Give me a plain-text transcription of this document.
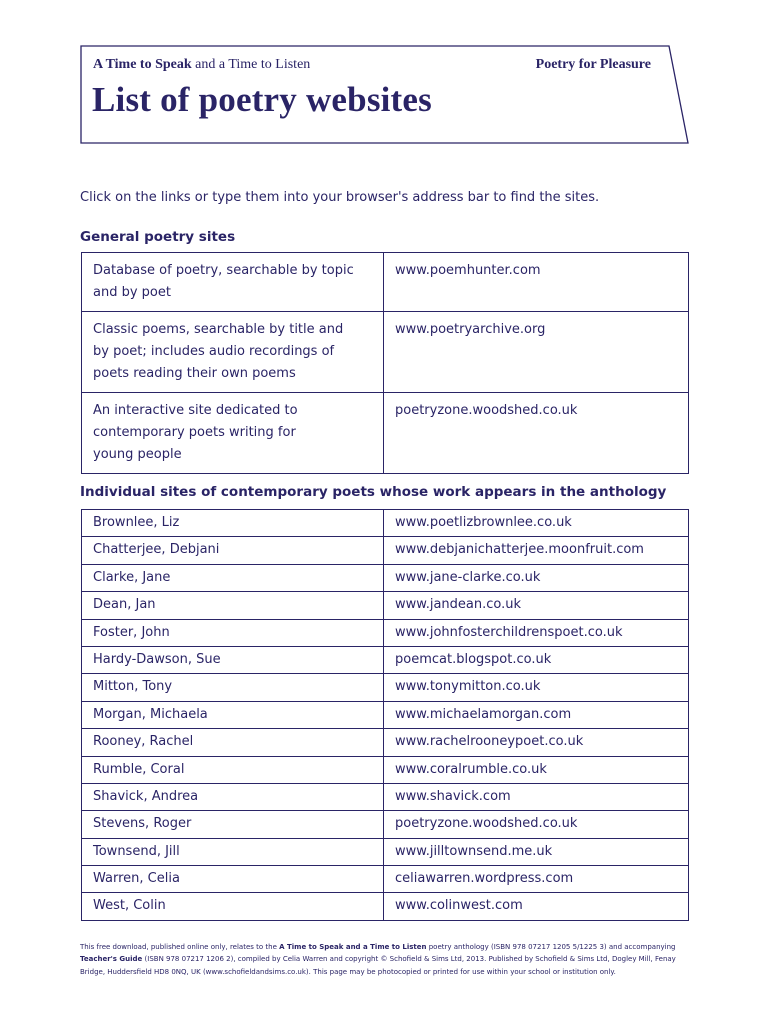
A Time to Speak and a Time to Listen	Poetry for Pleasure
List of poetry websites
Click on the links or type them into your browser's address bar to find the sites.
General poetry sites
Database of poetry, searchable by topic
and by poet	www.poemhunter.com
Classic poems, searchable by title and
by poet; includes audio recordings of
poets reading their own poems	www.poetryarchive.org
An interactive site dedicated to
contemporary poets writing for
young people	poetryzone.woodshed.co.uk
Individual sites of contemporary poets whose work appears in the anthology
Brownlee, Liz	www.poetlizbrownlee.co.uk
Chatterjee, Debjani	www.debjanichatterjee.moonfruit.com
Clarke, Jane	www.jane-clarke.co.uk
Dean, Jan	www.jandean.co.uk
Foster, John	www.johnfosterchildrenspoet.co.uk
Hardy-Dawson, Sue	poemcat.blogspot.co.uk
Mitton, Tony	www.tonymitton.co.uk
Morgan, Michaela	www.michaelamorgan.com
Rooney, Rachel	www.rachelrooneypoet.co.uk
Rumble, Coral	www.coralrumble.co.uk
Shavick, Andrea	www.shavick.com
Stevens, Roger	poetryzone.woodshed.co.uk
Townsend, Jill	www.jilltownsend.me.uk
Warren, Celia	celiawarren.wordpress.com
West, Colin	www.colinwest.com
This free download, published online only, relates to the A Time to Speak and a Time to Listen poetry anthology (ISBN 978 07217 1205 5/1225 3) and accompanying
Teacher's Guide (ISBN 978 07217 1206 2), compiled by Celia Warren and copyright © Schofield & Sims Ltd, 2013. Published by Schofield & Sims Ltd, Dogley Mill, Fenay
Bridge, Huddersfield HD8 0NQ, UK (www.schofieldandsims.co.uk). This page may be photocopied or printed for use within your school or institution only.
